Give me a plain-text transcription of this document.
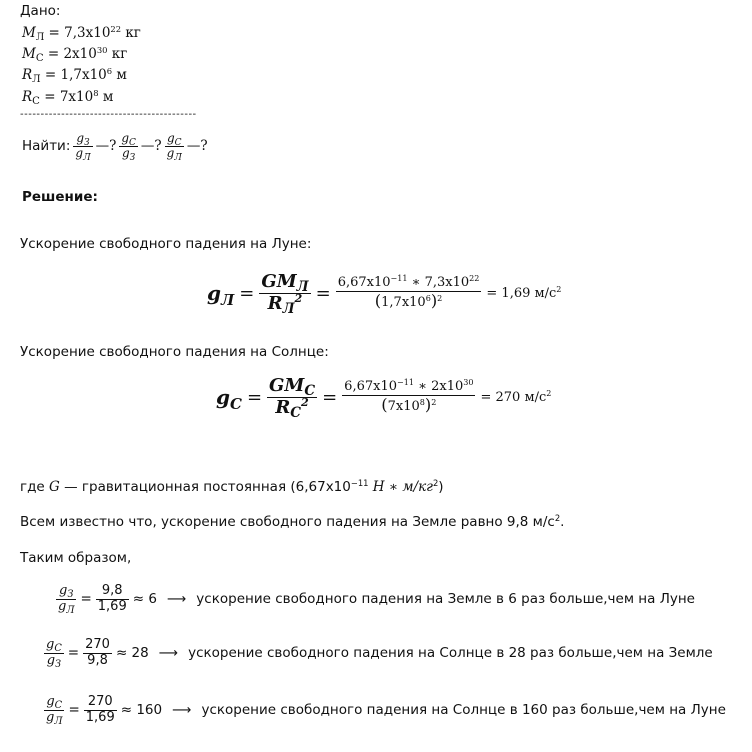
Дано:
$M_Л = 7,3x10^{22}$ кг
$M_С = 2x10^{30}$ кг
$R_Л = 1,7x10^6$ м
$R_С = 7x10^8$ м
-------------------------------------------
Найти: $\frac{g_З}{g_Л}$ —? $\frac{g_С}{g_З}$ —? $\frac{g_С}{g_Л}$ —?
Решение:
Ускорение свободного падения на Луне:
$g_Л = \frac{GM_Л}{R_Л^2} = \frac{6,67x10^{-11} ∗ 7,3x10^{22}}{(1,7x10^6)^2} = 1,69$ $м/с^2$
Ускорение свободного падения на Солнце:
$g_С = \frac{GM_С}{R_С^2} = \frac{6,67x10^{-11} ∗ 2x10^{30}}{(7x10^8)^2} = 270$ $м/с^2$
где G — гравитационная постоянная ($6,67x10^{-11}$ Н ∗ $м/кг^2$)
Всем известно что, ускорение свободного падения на Земле равно 9,8 $м/с^2$.
Таким образом,
$\frac{g_З}{g_Л} = \frac{9,8}{1,69} \approx 6$ ⟶ ускорение свободного падения на Земле в 6 раз больше,чем на Луне
$\frac{g_С}{g_З} = \frac{270}{9,8} \approx 28$ ⟶ ускорение свободного падения на Солнце в 28 раз больше,чем на Земле
$\frac{g_С}{g_Л} = \frac{270}{1,69} \approx 160$ ⟶ ускорение свободного падения на Солнце в 160 раз больше,чем на Луне
